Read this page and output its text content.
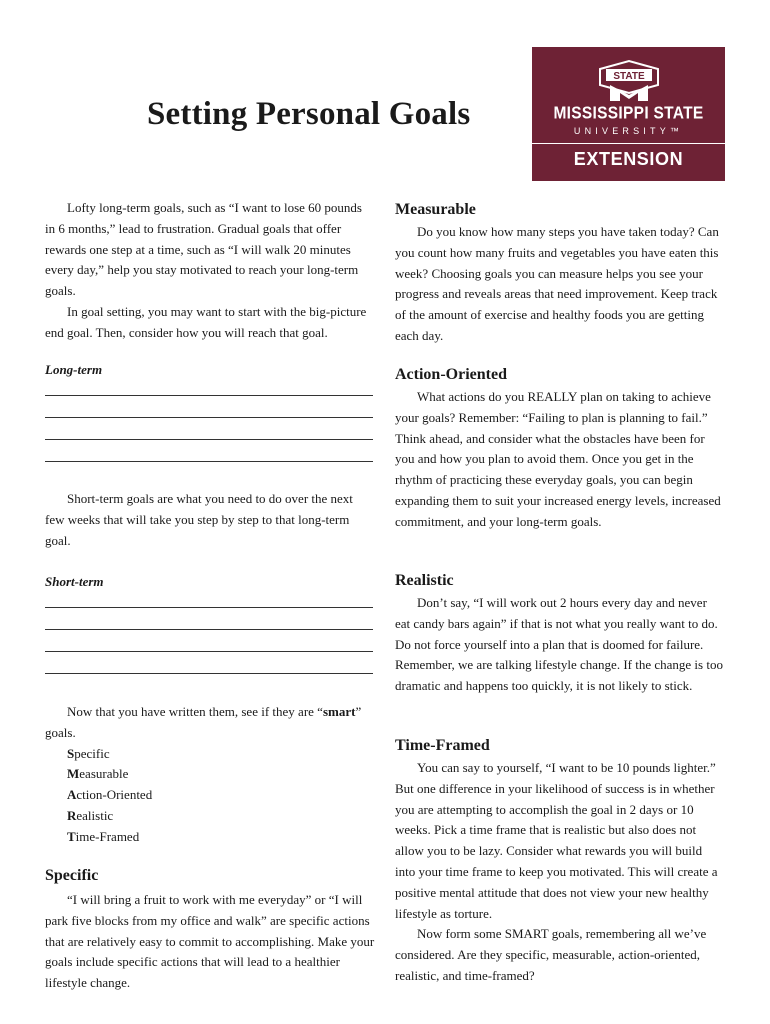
Setting Personal Goals
STATE
MISSISSIPPI STATE
UNIVERSITY™
EXTENSION

Lofty long-term goals, such as “I want to lose 60 pounds in 6 months,” lead to frustration. Gradual goals that offer rewards one step at a time, such as “I will walk 20 minutes every day,” help you stay motivated to reach your long-term goals.

In goal setting, you may want to start with the big-picture end goal. Then, consider how you will reach that goal.

Long-term

Short-term goals are what you need to do over the next few weeks that will take you step by step to that long-term goal.

Short-term

Now that you have written them, see if they are “smart” goals.

Specific
Measurable
Action-Oriented
Realistic
Time-Framed

Specific

“I will bring a fruit to work with me everyday” or “I will park five blocks from my office and walk” are specific actions that are relatively easy to commit to accomplishing. Make your goals include specific actions that will lead to a healthier lifestyle change.

Measurable

Do you know how many steps you have taken today? Can you count how many fruits and vegetables you have eaten this week? Choosing goals you can measure helps you see your progress and reveals areas that need improvement. Keep track of the amount of exercise and healthy foods you are getting each day.

Action-Oriented

What actions do you REALLY plan on taking to achieve your goals? Remember: “Failing to plan is planning to fail.” Think ahead, and consider what the obstacles have been for you and how you plan to avoid them. Once you get in the rhythm of practicing these everyday goals, you can begin expanding them to suit your increased energy levels, increased commitment, and your long-term goals.

Realistic

Don’t say, “I will work out 2 hours every day and never eat candy bars again” if that is not what you really want to do. Do not force yourself into a plan that is doomed for failure. Remember, we are talking lifestyle change. If the change is too dramatic and happens too quickly, it is not likely to stick.

Time-Framed

You can say to yourself, “I want to be 10 pounds lighter.” But one difference in your likelihood of success is in whether you are attempting to accomplish the goal in 2 days or 10 weeks. Pick a time frame that is realistic but also does not allow you to be lazy. Consider what rewards you will build into your time frame to keep you motivated. This will create a positive mental attitude that does not view your new healthy lifestyle as torture.

Now form some SMART goals, remembering all we’ve considered. Are they specific, measurable, action-oriented, realistic, and time-framed?
